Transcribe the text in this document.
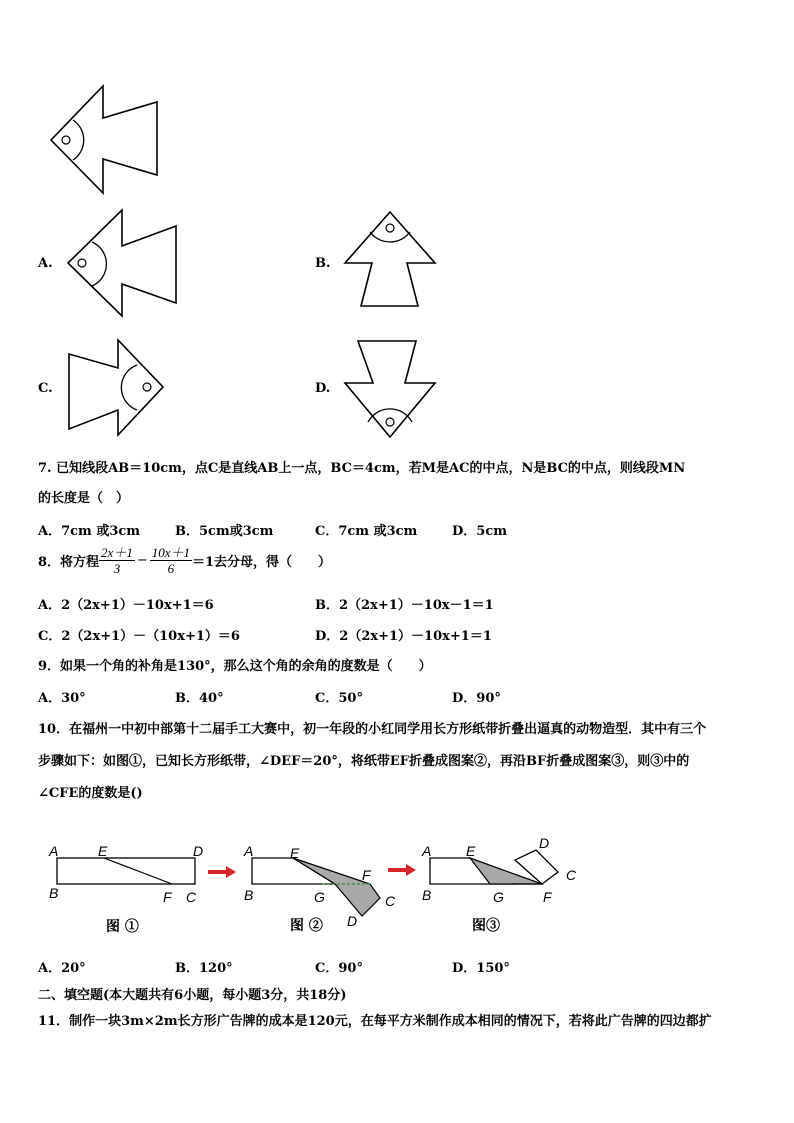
A.	B.
C.	D.
7. 已知线段AB＝10cm，点C是直线AB上一点，BC＝4cm，若M是AC的中点，N是BC的中点，则线段MN
的长度是（　）
A．7cm 或3cm	B．5cm或3cm	C．7cm 或3cm	D．5cm
8．将方程 $\frac{2x+1}{3} - \frac{10x+1}{6} =1$去分母，得（　　）
A．2（2x+1）－10x+1＝6	B．2（2x+1）－10x－1＝1
C．2（2x+1）－（10x+1）＝6	D．2（2x+1）－10x+1＝1
9．如果一个角的补角是130°，那么这个角的余角的度数是（　　）
A．30°	B．40°	C．50°	D．90°
10．在福州一中初中部第十二届手工大赛中，初一年段的小红同学用长方形纸带折叠出逼真的动物造型．其中有三个
步骤如下：如图①，已知长方形纸带，∠DEF＝20°，将纸带EF折叠成图案②，再沿BF折叠成图案③，则③中的
∠CFE的度数是()
A	E	D
B	F C
图 ①
A	E
F
B	G	C
D
图 ②
A E	D
C
B	G	F
图③
A．20°	B．120°	C．90°	D．150°
二、填空题(本大题共有6小题，每小题3分，共18分)
11．制作一块3m×2m长方形广告牌的成本是120元，在每平方米制作成本相同的情况下，若将此广告牌的四边都扩
